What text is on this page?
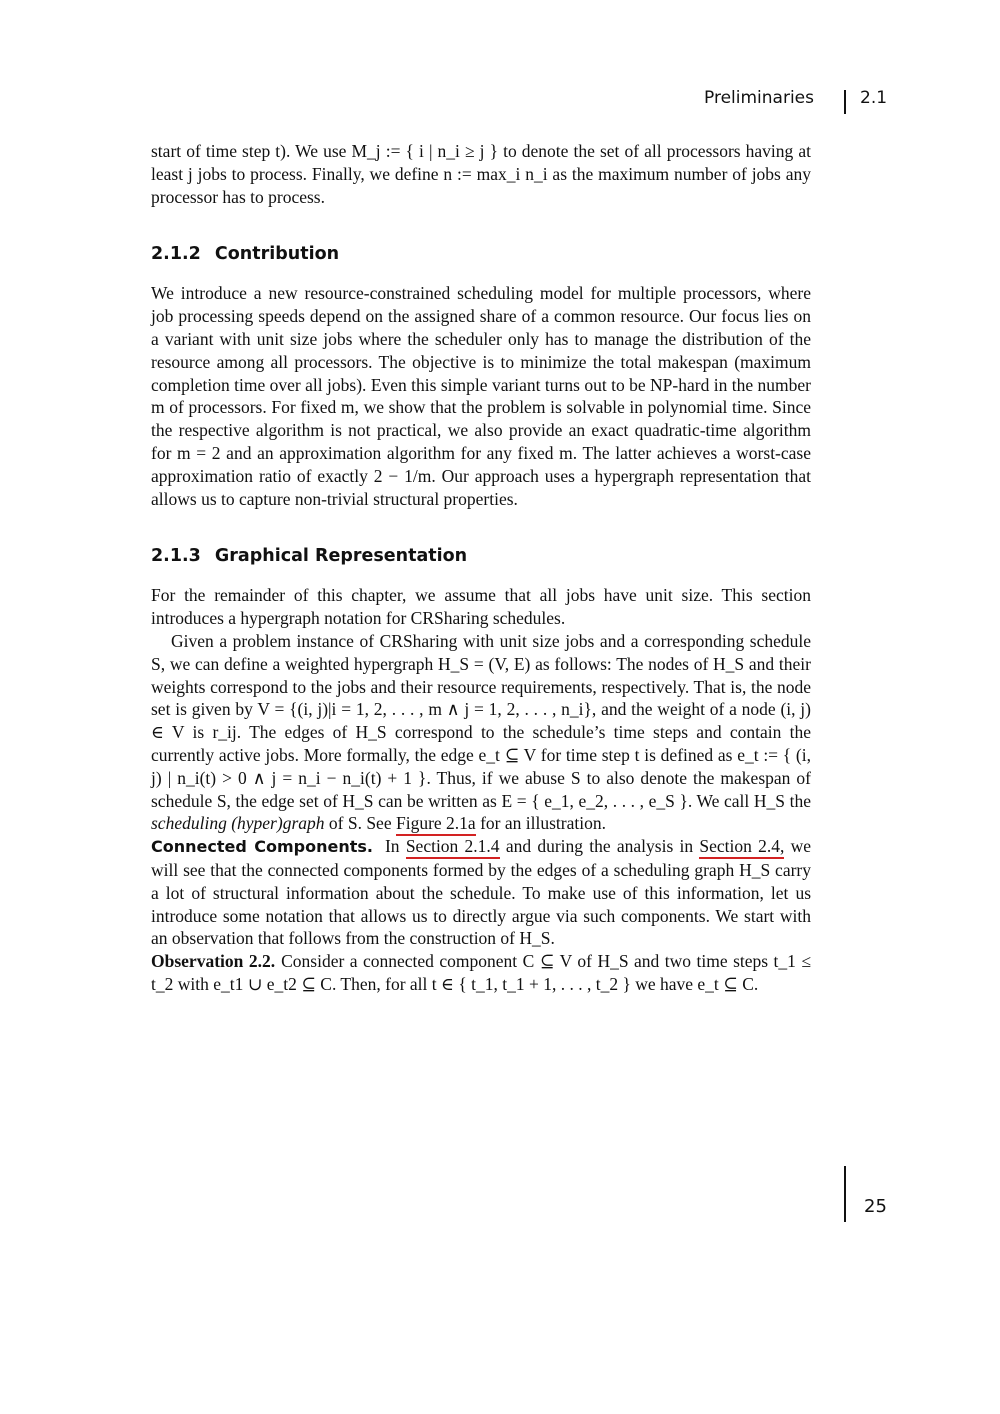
Preliminaries	2.1

start of time step t). We use M_j := { i | n_i ≥ j } to denote the set of all processors having at least j jobs to process. Finally, we define n := max_i n_i as the maximum number of jobs any processor has to process.

2.1.2 Contribution

We introduce a new resource-constrained scheduling model for multiple processors, where job processing speeds depend on the assigned share of a common resource. Our focus lies on a variant with unit size jobs where the scheduler only has to manage the distribution of the resource among all processors. The objective is to minimize the total makespan (maximum completion time over all jobs). Even this simple variant turns out to be NP-hard in the number m of processors. For fixed m, we show that the problem is solvable in polynomial time. Since the respective algorithm is not practical, we also provide an exact quadratic-time algorithm for m = 2 and an approximation algorithm for any fixed m. The latter achieves a worst-case approximation ratio of exactly 2 − 1/m. Our approach uses a hypergraph representation that allows us to capture non-trivial structural properties.

2.1.3 Graphical Representation

For the remainder of this chapter, we assume that all jobs have unit size. This section introduces a hypergraph notation for CRSharing schedules.

Given a problem instance of CRSharing with unit size jobs and a corresponding schedule S, we can define a weighted hypergraph H_S = (V, E) as follows: The nodes of H_S and their weights correspond to the jobs and their resource requirements, respectively. That is, the node set is given by V = {(i, j)|i = 1, 2, . . . , m ∧ j = 1, 2, . . . , n_i}, and the weight of a node (i, j) ∈ V is r_ij. The edges of H_S correspond to the schedule’s time steps and contain the currently active jobs. More formally, the edge e_t ⊆ V for time step t is defined as e_t := { (i, j) | n_i(t) > 0 ∧ j = n_i − n_i(t) + 1 }. Thus, if we abuse S to also denote the makespan of schedule S, the edge set of H_S can be written as E = { e_1, e_2, . . . , e_S }. We call H_S the scheduling (hyper)graph of S. See Figure 2.1a for an illustration.

Connected Components. In Section 2.1.4 and during the analysis in Section 2.4, we will see that the connected components formed by the edges of a scheduling graph H_S carry a lot of structural information about the schedule. To make use of this information, let us introduce some notation that allows us to directly argue via such components. We start with an observation that follows from the construction of H_S.

Observation 2.2. Consider a connected component C ⊆ V of H_S and two time steps t_1 ≤ t_2 with e_t1 ∪ e_t2 ⊆ C. Then, for all t ∈ { t_1, t_1 + 1, . . . , t_2 } we have e_t ⊆ C.

25
